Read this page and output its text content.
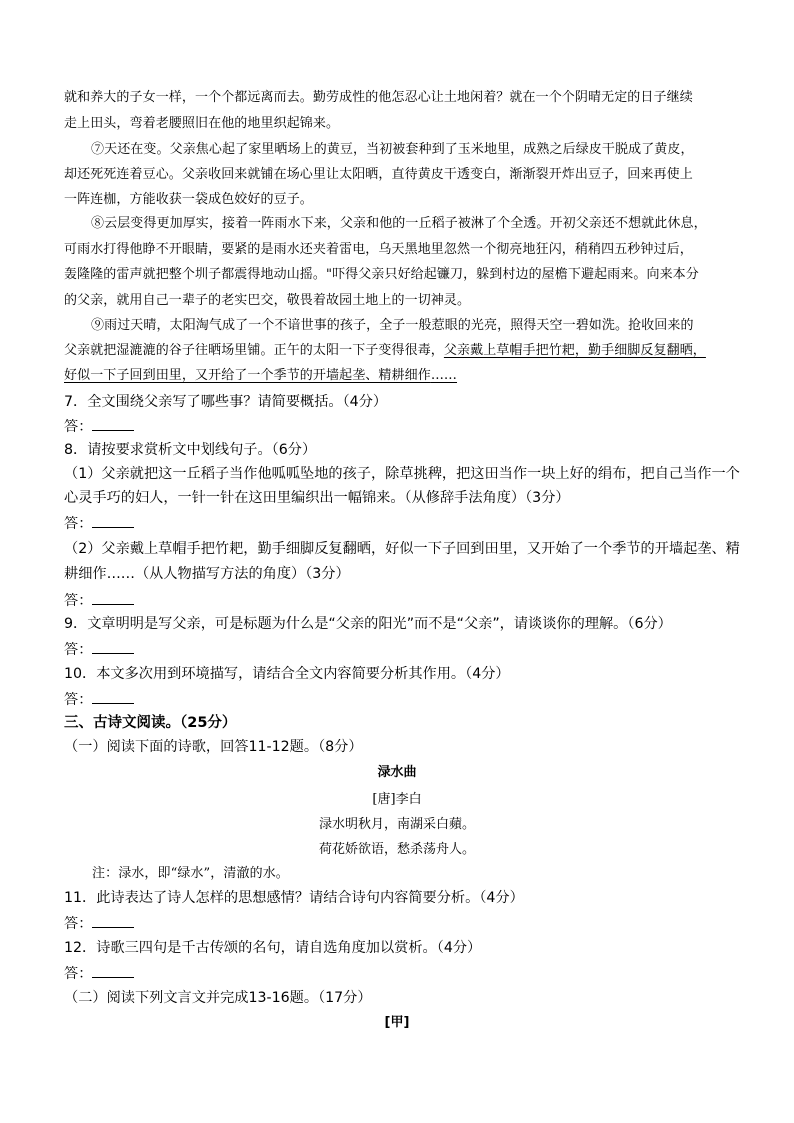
就和养大的子女一样，一个个都远离而去。勤劳成性的他怎忍心让土地闲着？就在一个个阴晴无定的日子继续
走上田头，弯着老腰照旧在他的地里织起锦来。
⑦天还在变。父亲焦心起了家里晒场上的黄豆，当初被套种到了玉米地里，成熟之后绿皮干脱成了黄皮，
却还死死连着豆心。父亲收回来就铺在场心里让太阳晒，直待黄皮干透变白，渐渐裂开炸出豆子，回来再使上
一阵连枷，方能收获一袋成色姣好的豆子。
⑧云层变得更加厚实，接着一阵雨水下来，父亲和他的一丘稻子被淋了个全透。开初父亲还不想就此休息，
可雨水打得他睁不开眼睛，要紧的是雨水还夹着雷电，乌天黑地里忽然一个彻亮地狂闪，稍稍四五秒钟过后，
轰隆隆的雷声就把整个圳子都震得地动山摇。"吓得父亲只好给起镰刀，躲到村边的屋檐下避起雨来。向来本分
的父亲，就用自己一辈子的老实巴交，敬畏着故园土地上的一切神灵。
⑨雨过天晴，太阳淘气成了一个不谙世事的孩子，全子一般惹眼的光亮，照得天空一碧如洗。抢收回来的
父亲就把湿漉漉的谷子往晒场里铺。正午的太阳一下子变得很毒，父亲戴上草帽手把竹耙，勤手细脚反复翻晒，
好似一下子回到田里，又开给了一个季节的开墙起垄、精耕细作……
7．全文围绕父亲写了哪些事？请简要概括。（4分）
答：
8．请按要求赏析文中划线句子。（6分）
（1）父亲就把这一丘稻子当作他呱呱坠地的孩子，除草挑稗，把这田当作一块上好的绢布，把自己当作一个
心灵手巧的妇人，一针一针在这田里编织出一幅锦来。（从修辞手法角度）（3分）
答：
（2）父亲戴上草帽手把竹耙，勤手细脚反复翻晒，好似一下子回到田里，又开始了一个季节的开墙起垄、精
耕细作……（从人物描写方法的角度）（3分）
答：
9．文章明明是写父亲，可是标题为什么是“父亲的阳光”而不是“父亲”，请谈谈你的理解。（6分）
答：
10．本文多次用到环境描写，请结合全文内容简要分析其作用。（4分）
答：
三、古诗文阅读。（25分）
（一）阅读下面的诗歌，回答11-12题。（8分）
渌水曲
[唐]李白
渌水明秋月，南湖采白蘋。
荷花娇欲语，愁杀荡舟人。
注：渌水，即“绿水”，清澈的水。
11．此诗表达了诗人怎样的思想感情？请结合诗句内容简要分析。（4分）
答：
12．诗歌三四句是千古传颂的名句，请自选角度加以赏析。（4分）
答：
（二）阅读下列文言文并完成13-16题。（17分）
[甲]
